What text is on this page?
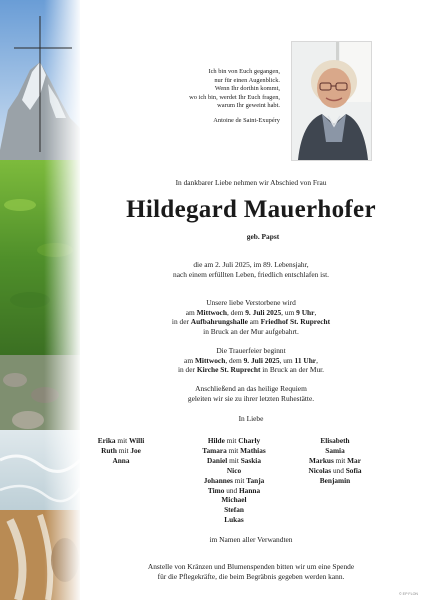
Ich bin von Euch gegangen,
nur für einen Augenblick.
Wenn Ihr dorthin kommt,
wo ich bin, werdet Ihr Euch fragen,
warum Ihr geweint habt.
Antoine de Saint-Exupéry
In dankbarer Liebe nehmen wir Abschied von Frau
Hildegard Mauerhofer
geb. Papst
die am 2. Juli 2025, im 89. Lebensjahr,
nach einem erfüllten Leben, friedlich entschlafen ist.
Unsere liebe Verstorbene wird
am Mittwoch, dem 9. Juli 2025, um 9 Uhr,
in der Aufbahrungshalle am Friedhof St. Ruprecht
in Bruck an der Mur aufgebahrt.
Die Trauerfeier beginnt
am Mittwoch, dem 9. Juli 2025, um 11 Uhr,
in der Kirche St. Ruprecht in Bruck an der Mur.
Anschließend an das heilige Requiem
geleiten wir sie zu ihrer letzten Ruhestätte.
In Liebe
Erika mit Willi
Ruth mit Joe
Anna
Hilde mit Charly
Tamara mit Mathias
Daniel mit Saskia
Nico
Johannes mit Tanja
Timo und Hanna
Michael
Stefan
Lukas
Elisabeth
Samia
Markus mit Mar
Nicolas und Sofia
Benjamin
im Namen aller Verwandten
Anstelle von Kränzen und Blumenspenden bitten wir um eine Spende
für die Pflegekräfte, die beim Begräbnis gegeben werden kann.
© EP FLON
